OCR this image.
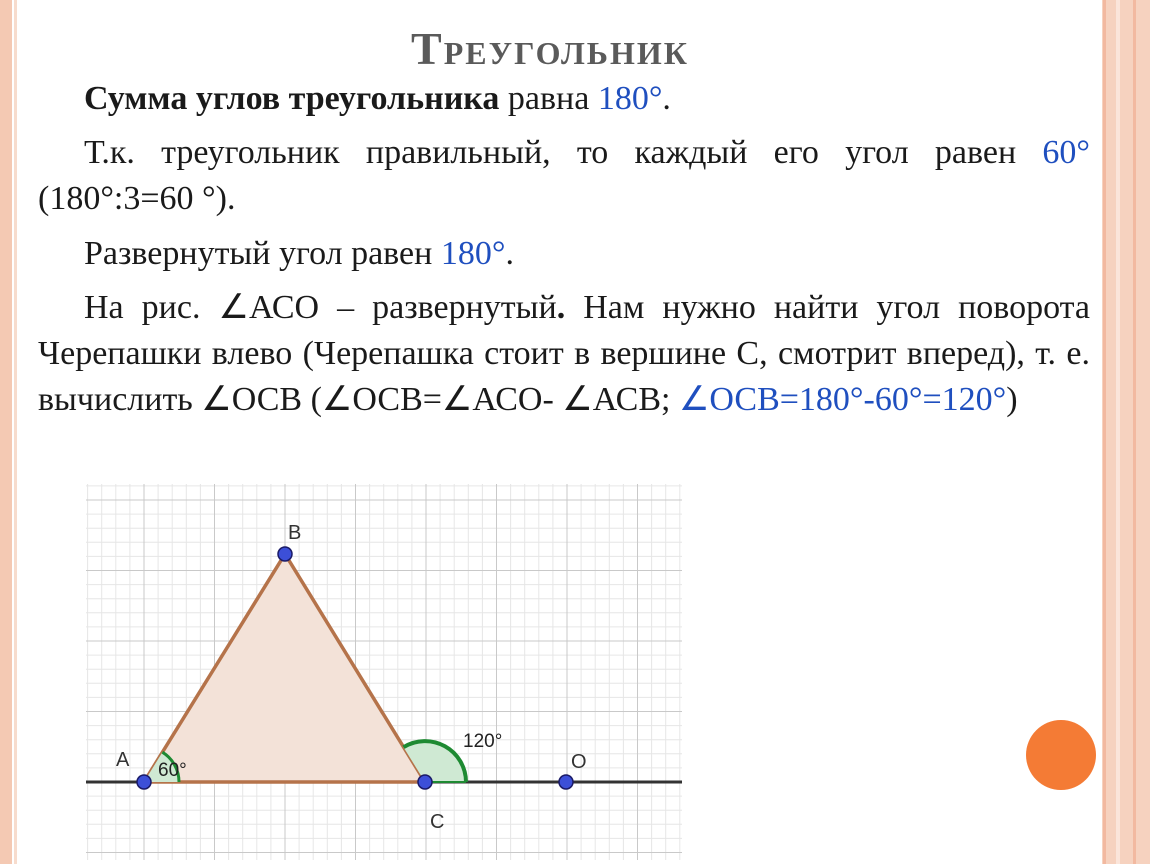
Треугольник

Сумма углов треугольника равна 180°.

Т.к. треугольник правильный, то каждый его угол равен 60° (180°:3=60 °).

Развернутый угол равен 180°.

На рис. ∠АСО – развернутый. Нам нужно найти угол поворота Черепашки влево (Черепашка стоит в вершине С, смотрит вперед), т. е. вычислить ∠ОСВ (∠ОСВ=∠АСО- ∠АСВ; ∠ОСВ=180°-60°=120°)

A
B
C
O
60°
120°
